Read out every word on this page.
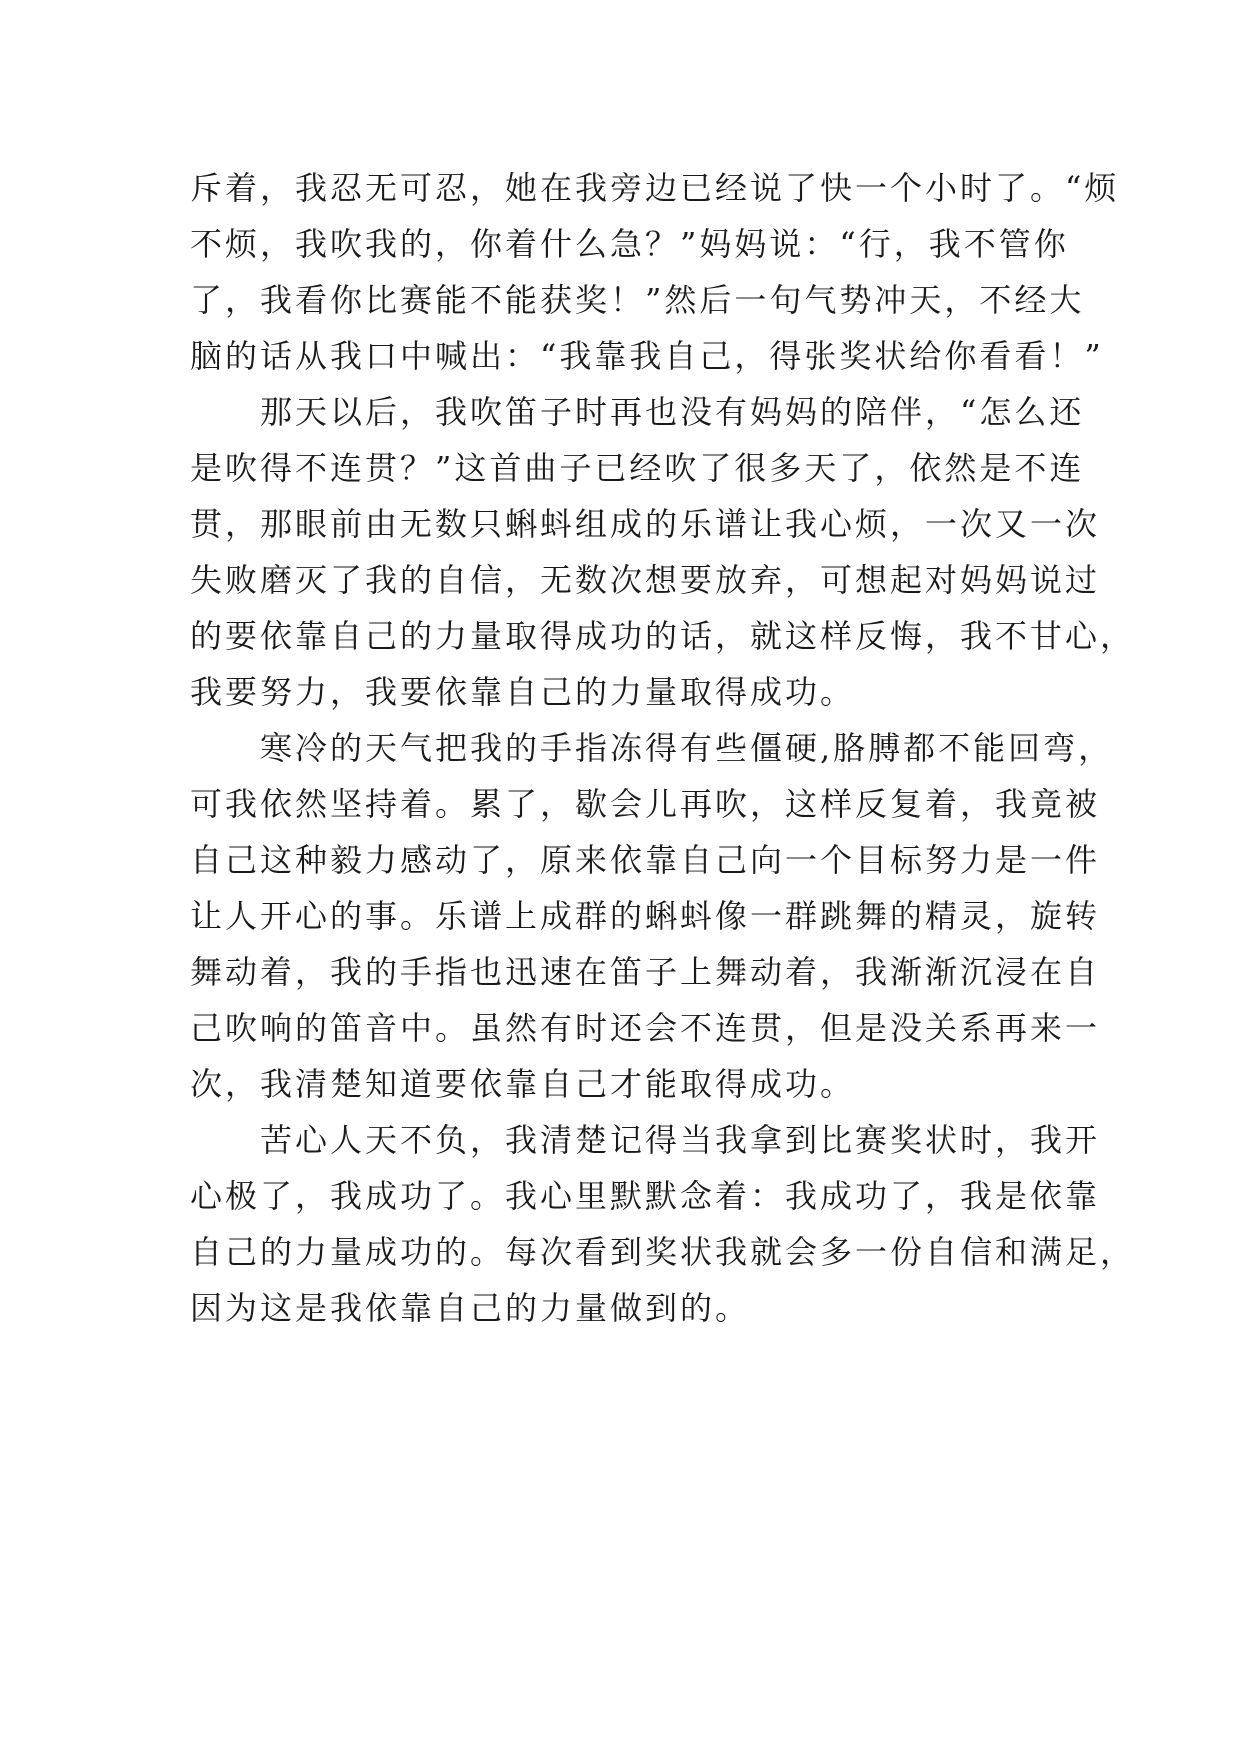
斥着，我忍无可忍，她在我旁边已经说了快一个小时了。“烦
不烦，我吹我的，你着什么急？”妈妈说：“行，我不管你
了，我看你比赛能不能获奖！”然后一句气势冲天，不经大
脑的话从我口中喊出：“我靠我自己，得张奖状给你看看！”
　　那天以后，我吹笛子时再也没有妈妈的陪伴，“怎么还
是吹得不连贯？”这首曲子已经吹了很多天了，依然是不连
贯，那眼前由无数只蝌蚪组成的乐谱让我心烦，一次又一次
失败磨灭了我的自信，无数次想要放弃，可想起对妈妈说过
的要依靠自己的力量取得成功的话，就这样反悔，我不甘心，
我要努力，我要依靠自己的力量取得成功。
　　寒冷的天气把我的手指冻得有些僵硬,胳膊都不能回弯，
可我依然坚持着。累了，歇会儿再吹，这样反复着，我竟被
自己这种毅力感动了，原来依靠自己向一个目标努力是一件
让人开心的事。乐谱上成群的蝌蚪像一群跳舞的精灵，旋转
舞动着，我的手指也迅速在笛子上舞动着，我渐渐沉浸在自
己吹响的笛音中。虽然有时还会不连贯，但是没关系再来一
次，我清楚知道要依靠自己才能取得成功。
　　苦心人天不负，我清楚记得当我拿到比赛奖状时，我开
心极了，我成功了。我心里默默念着：我成功了，我是依靠
自己的力量成功的。每次看到奖状我就会多一份自信和满足，
因为这是我依靠自己的力量做到的。
